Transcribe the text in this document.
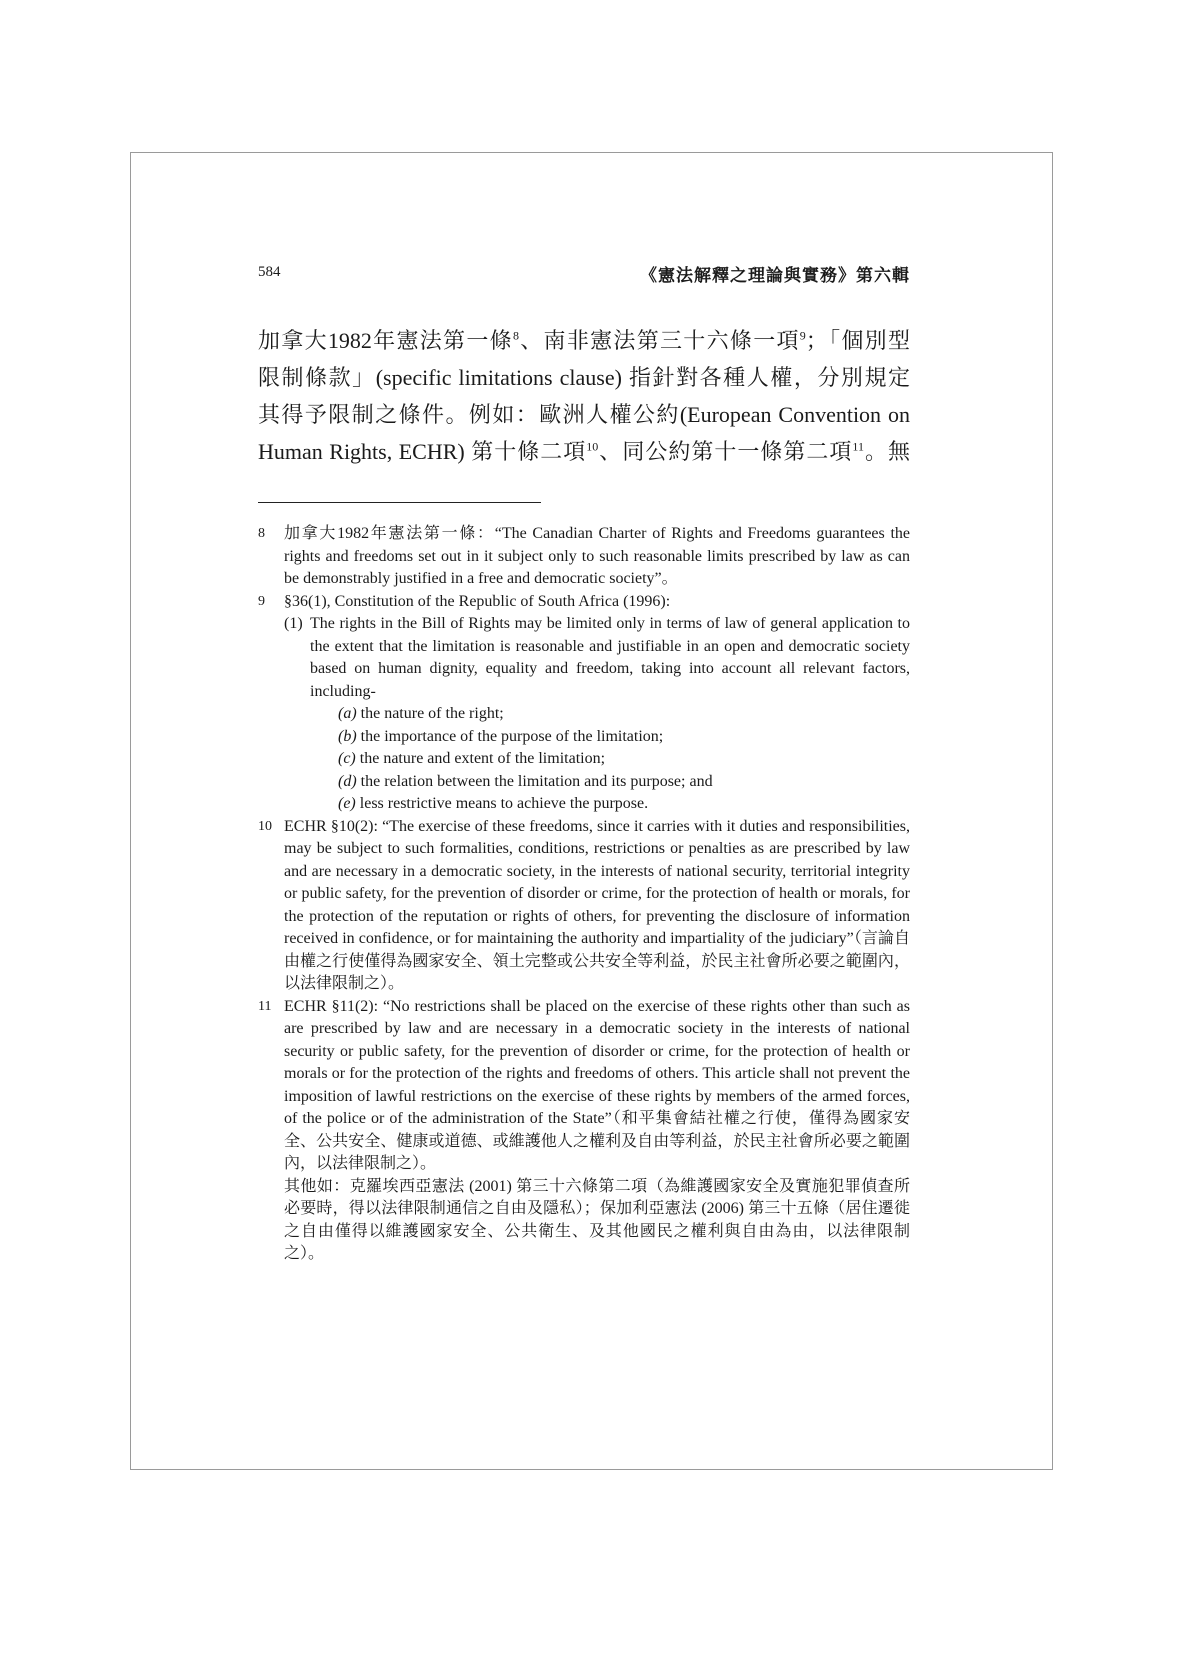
584	《憲法解釋之理論與實務》第六輯
加拿大1982年憲法第一條$^8$、南非憲法第三十六條一項$^9$；「個別型
限制條款」(specific limitations clause) 指針對各種人權，分別規定
其得予限制之條件。例如：歐洲人權公約(European Convention on
Human Rights, ECHR) 第十條二項$^{10}$、同公約第十一條第二項$^{11}$。無
8	加拿大1982年憲法第一條：“The Canadian Charter of Rights and Freedoms guarantees the rights and freedoms set out in it subject only to such reasonable limits prescribed by law as can be demonstrably justified in a free and democratic society”。
9	§36(1), Constitution of the Republic of South Africa (1996):
(1) The rights in the Bill of Rights may be limited only in terms of law of general application to the extent that the limitation is reasonable and justifiable in an open and democratic society based on human dignity, equality and freedom, taking into account all relevant factors, including-
(a) the nature of the right;
(b) the importance of the purpose of the limitation;
(c) the nature and extent of the limitation;
(d) the relation between the limitation and its purpose; and
(e) less restrictive means to achieve the purpose.
10 ECHR §10(2): “The exercise of these freedoms, since it carries with it duties and responsibilities, may be subject to such formalities, conditions, restrictions or penalties as are prescribed by law and are necessary in a democratic society, in the interests of national security, territorial integrity or public safety, for the prevention of disorder or crime, for the protection of health or morals, for the protection of the reputation or rights of others, for preventing the disclosure of information received in confidence, or for maintaining the authority and impartiality of the judiciary”（言論自由權之行使僅得為國家安全、領土完整或公共安全等利益，於民主社會所必要之範圍內，以法律限制之）。
11 ECHR §11(2): “No restrictions shall be placed on the exercise of these rights other than such as are prescribed by law and are necessary in a democratic society in the interests of national security or public safety, for the prevention of disorder or crime, for the protection of health or morals or for the protection of the rights and freedoms of others. This article shall not prevent the imposition of lawful restrictions on the exercise of these rights by members of the armed forces, of the police or of the administration of the State”（和平集會結社權之行使，僅得為國家安全、公共安全、健康或道德、或維護他人之權利及自由等利益，於民主社會所必要之範圍內，以法律限制之）。
其他如：克羅埃西亞憲法 (2001) 第三十六條第二項（為維護國家安全及實施犯罪偵查所必要時，得以法律限制通信之自由及隱私）；保加利亞憲法 (2006) 第三十五條（居住遷徙之自由僅得以維護國家安全、公共衛生、及其他國民之權利與自由為由，以法律限制之）。
